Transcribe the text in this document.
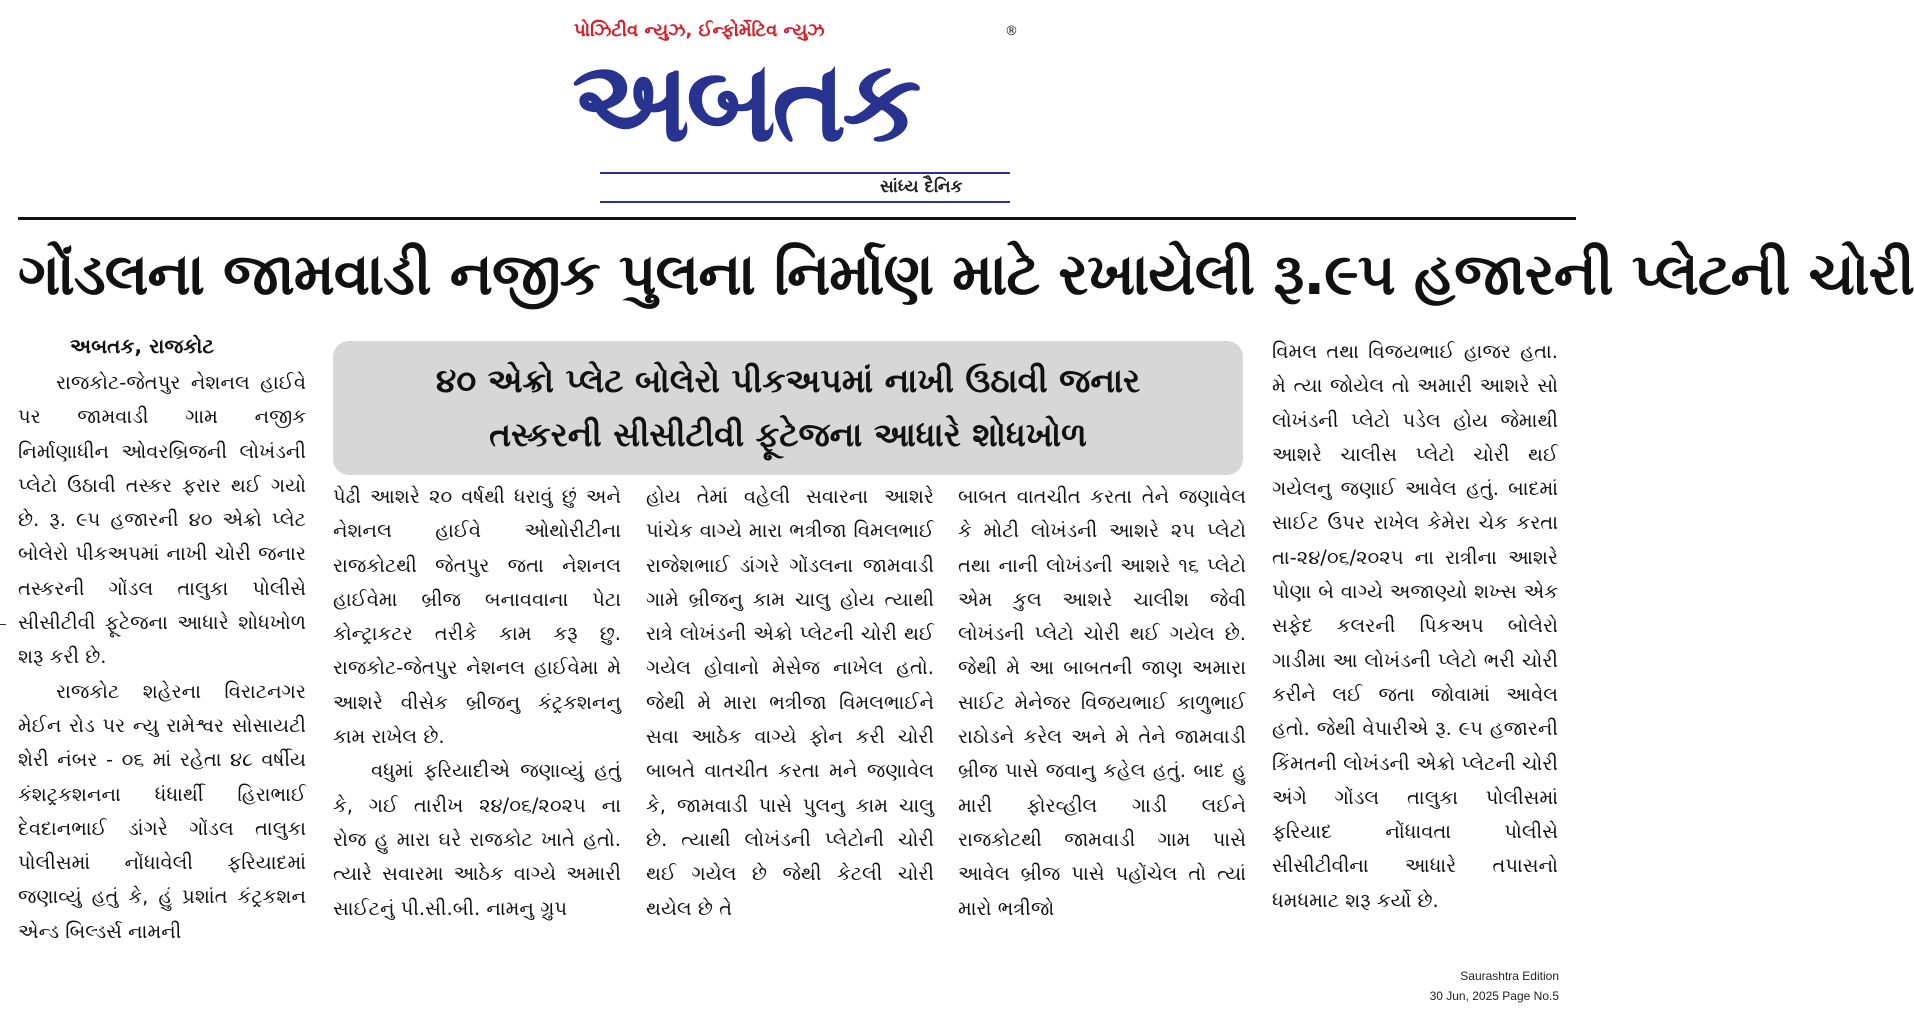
પોઝિટીવ ન્યુઝ, ઈન્ફોર્મેટિવ ન્યુઝ	®
અબતક
સાંધ્ય દૈનિક
ગોંડલના જામવાડી નજીક પુલના નિર્માણ માટે રખાયેલી રૂ.૯૫ હજારની પ્લેટની ચોરી
અબતક, રાજકોટ
૪૦ એક્રો પ્લેટ બોલેરો પીકઅપમાં નાખી ઉઠાવી જનાર
તસ્કરની સીસીટીવી ફૂટેજના આધારે શોધખોળ

રાજકોટ-જેતપુર નેશનલ હાઈવે પર જામવાડી ગામ નજીક નિર્માણાધીન ઓવરબ્રિજની લોખંડની પ્લેટો ઉઠાવી તસ્કર ફરાર થઈ ગયો છે. રૂ. ૯૫ હજારની ૪૦ એક્રો પ્લેટ બોલેરો પીકઅપમાં નાખી ચોરી જનાર તસ્કરની ગોંડલ તાલુકા પોલીસે સીસીટીવી ફૂટેજના આધારે શોધખોળ શરૂ કરી છે.

રાજકોટ શહેરના વિરાટનગર મેઈન રોડ પર ન્યુ રામેશ્વર સોસાયટી શેરી નંબર - ૦૬ માં રહેતા ૪૮ વર્ષીય કંશટ્રકશનના ધંધાર્થી હિરાભાઈ દેવદાનભાઈ ડાંગરે ગોંડલ તાલુકા પોલીસમાં નોંધાવેલી ફરિયાદમાં જણાવ્યું હતું કે, હું પ્રશાંત કંટ્રકશન એન્ડ બિલ્ડર્સ નામની

પેઢી આશરે ૨૦ વર્ષથી ધરાવું છું અને નેશનલ હાઈવે ઓથોરીટીના રાજકોટથી જેતપુર જતા નેશનલ હાઈવેમા બ્રીજ બનાવવાના પેટા કોન્ટ્રાકટર તરીકે કામ કરૂ છુ. રાજકોટ-જેતપુર નેશનલ હાઈવેમા મે આશરે વીસેક બ્રીજનુ કંટ્રકશનનુ કામ રાખેલ છે.

વધુમાં ફરિયાદીએ જણાવ્યું હતું કે, ગઈ તારીખ ૨૪/૦૬/૨૦૨૫ ના રોજ હુ મારા ઘરે રાજકોટ ખાતે હતો. ત્યારે સવારમા આઠેક વાગ્યે અમારી સાઈટનું પી.સી.બી. નામનુ ગ્રુપ

હોય તેમાં વહેલી સવારના આશરે પાંચેક વાગ્યે મારા ભત્રીજા વિમલભાઈ રાજેશભાઈ ડાંગરે ગોંડલના જામવાડી ગામે બ્રીજનુ કામ ચાલુ હોય ત્યાથી રાત્રે લોખંડની એક્રો પ્લેટની ચોરી થઈ ગયેલ હોવાનો મેસેજ નાખેલ હતો. જેથી મે મારા ભત્રીજા વિમલભાઈને સવા આઠેક વાગ્યે ફોન કરી ચોરી બાબતે વાતચીત કરતા મને જણાવેલ કે, જામવાડી પાસે પુલનુ કામ ચાલુ છે. ત્યાથી લોખંડની પ્લેટોની ચોરી થઈ ગયેલ છે જેથી કેટલી ચોરી થયેલ છે તે

બાબત વાતચીત કરતા તેને જણાવેલ કે મોટી લોખંડની આશરે ૨૫ પ્લેટો તથા નાની લોખંડની આશરે ૧૬ પ્લેટો એમ કુલ આશરે ચાલીશ જેવી લોખંડની પ્લેટો ચોરી થઈ ગયેલ છે. જેથી મે આ બાબતની જાણ અમારા સાઈટ મેનેજર વિજયભાઈ કાળુભાઈ રાઠોડને કરેલ અને મે તેને જામવાડી બ્રીજ પાસે જવાનુ કહેલ હતું. બાદ હુ મારી ફોરવ્હીલ ગાડી લઈને રાજકોટથી જામવાડી ગામ પાસે આવેલ બ્રીજ પાસે પહોંચેલ તો ત્યાં મારો ભત્રીજો

વિમલ તથા વિજયભાઈ હાજર હતા. મે ત્યા જોયેલ તો અમારી આશરે સો લોખંડની પ્લેટો પડેલ હોય જેમાથી આશરે ચાલીસ પ્લેટો ચોરી થઈ ગયેલનુ જણાઈ આવેલ હતું. બાદમાં સાઈટ ઉપર રાખેલ કેમેરા ચેક કરતા તા-૨૪/૦૬/૨૦૨૫ ના રાત્રીના આશરે પોણા બે વાગ્યે અજાણ્યો શખ્સ એક સફેદ કલરની પિકઅપ બોલેરો ગાડીમા આ લોખંડની પ્લેટો ભરી ચોરી કરીને લઈ જતા જોવામાં આવેલ હતો. જેથી વેપારીએ રૂ. ૯૫ હજારની કિંમતની લોખંડની એક્રો પ્લેટની ચોરી અંગે ગોંડલ તાલુકા પોલીસમાં ફરિયાદ નોંધાવતા પોલીસે સીસીટીવીના આધારે તપાસનો ધમધમાટ શરૂ કર્યો છે.

Saurashtra Edition
30 Jun, 2025 Page No.5
